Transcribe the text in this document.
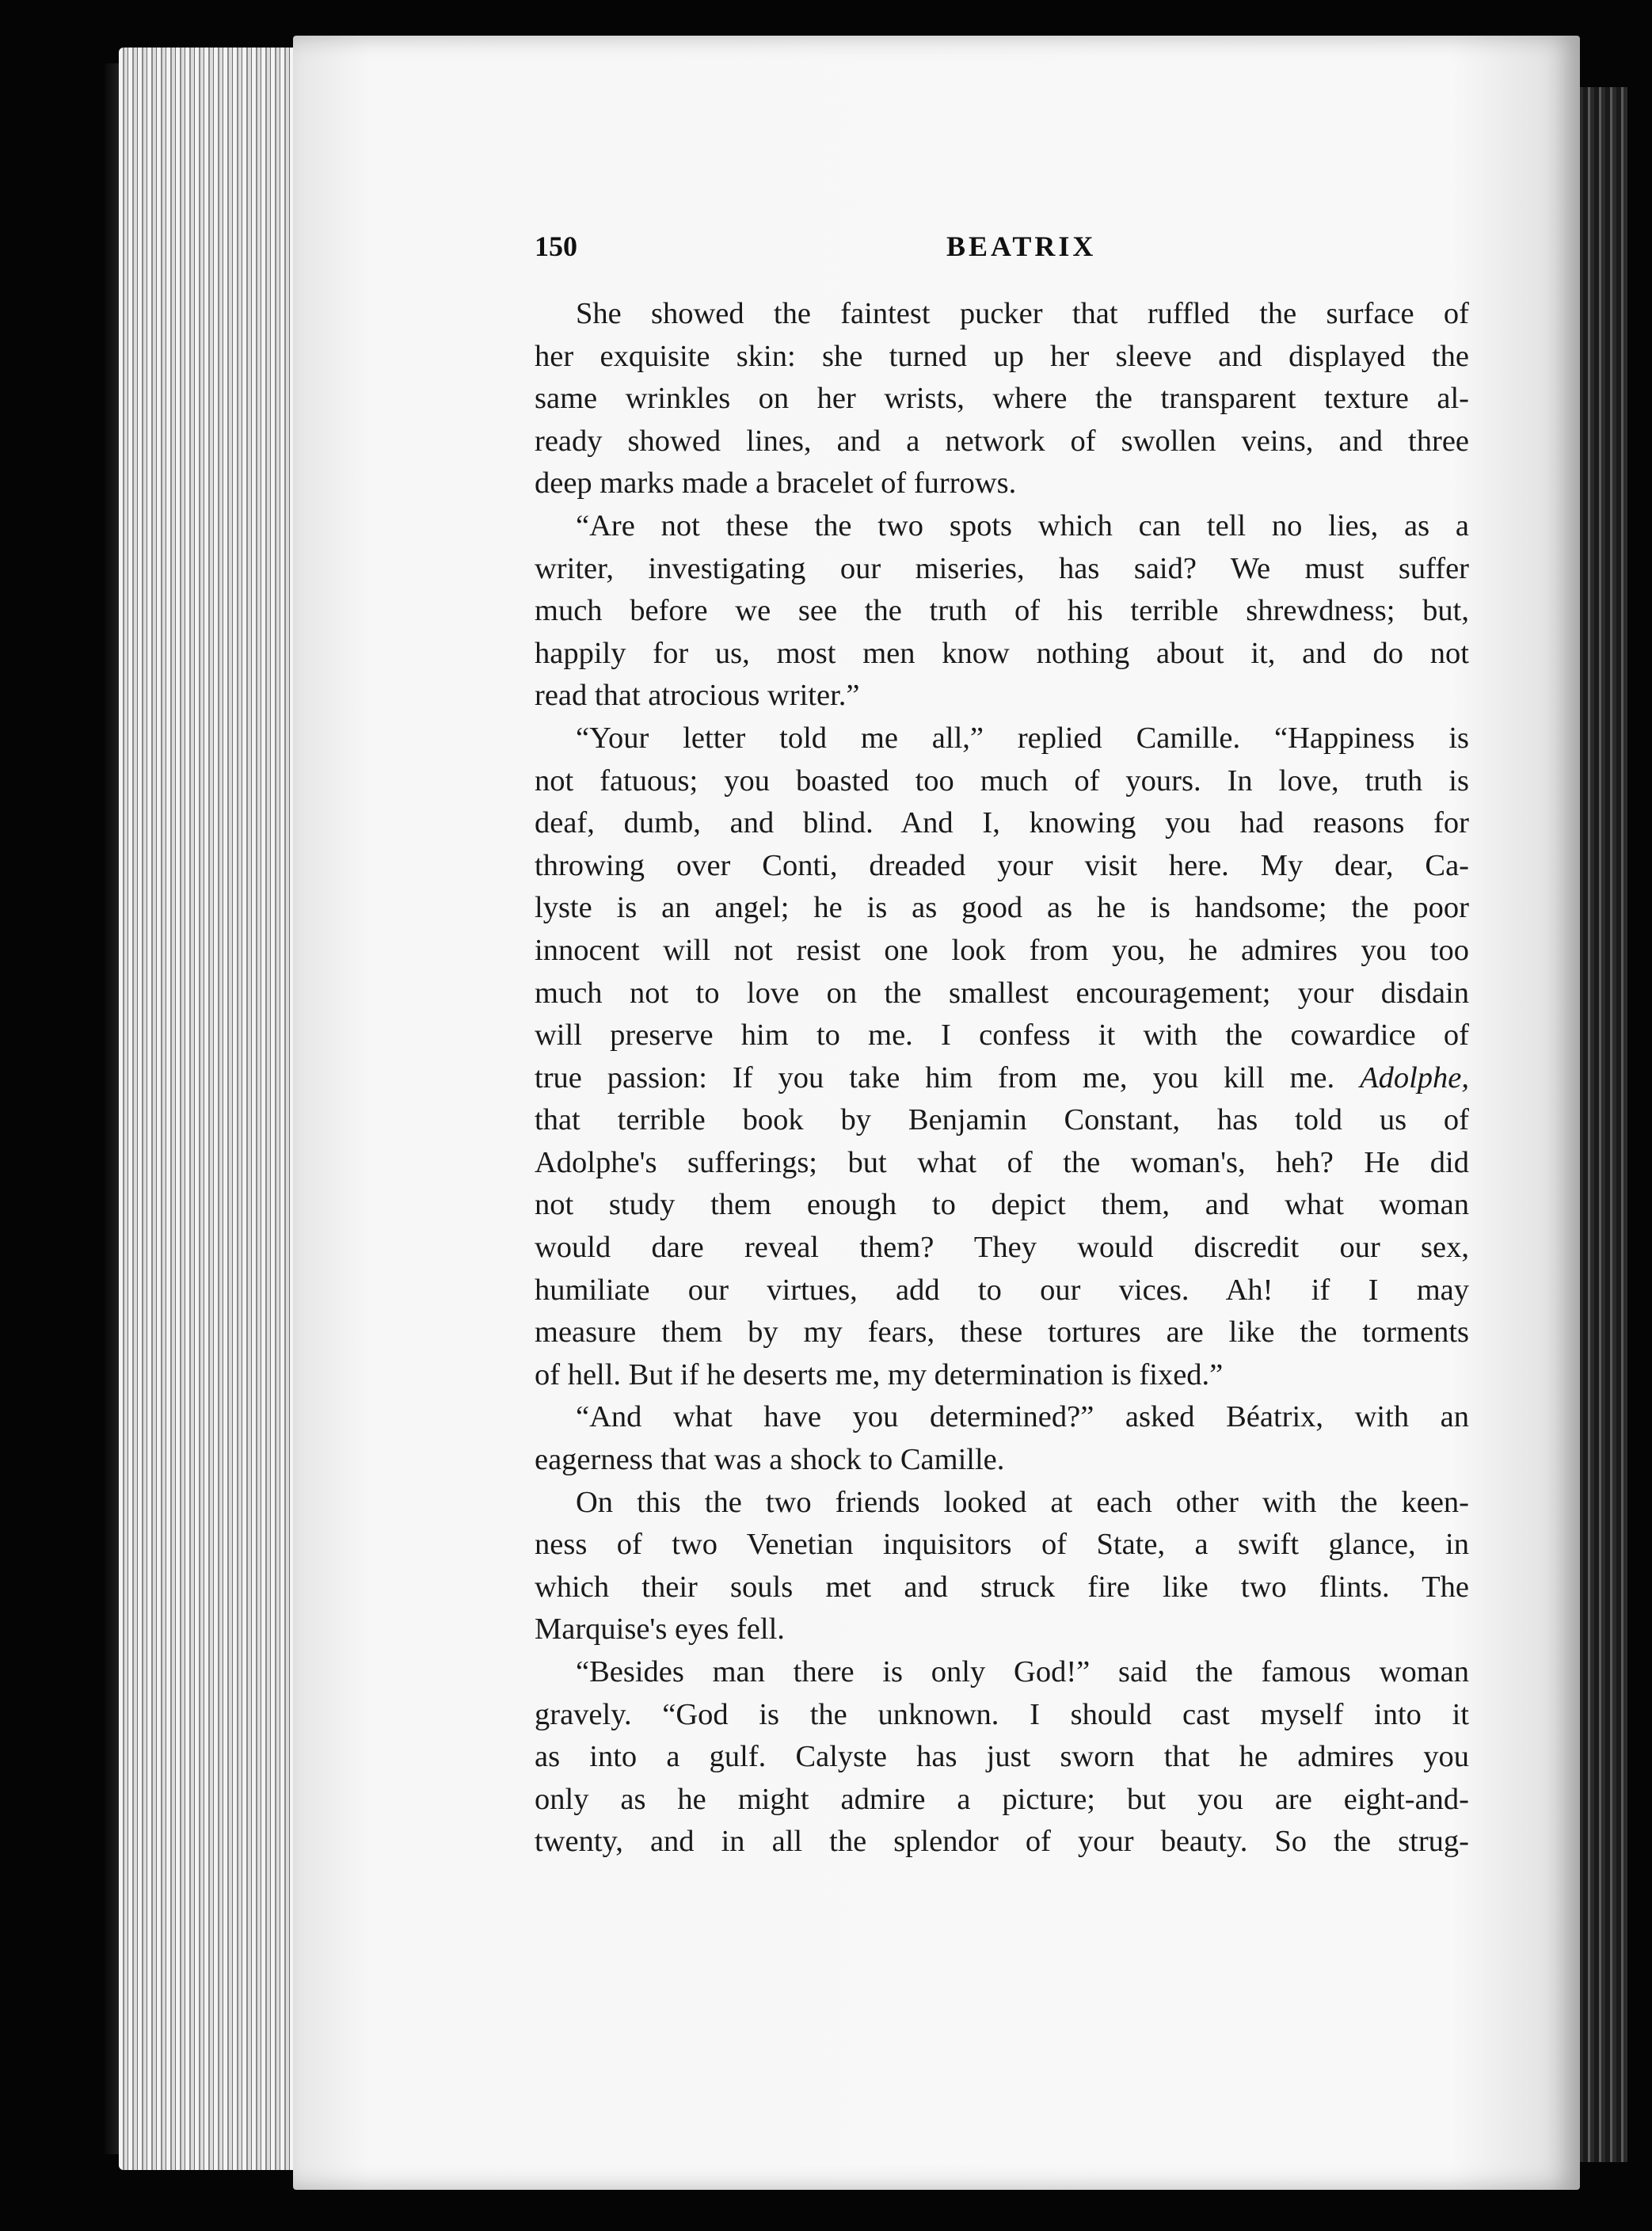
150	BEATRIX
She showed the faintest pucker that ruffled the surface of
her exquisite skin: she turned up her sleeve and displayed the
same wrinkles on her wrists, where the transparent texture al-
ready showed lines, and a network of swollen veins, and three
deep marks made a bracelet of furrows.
“Are not these the two spots which can tell no lies, as a
writer, investigating our miseries, has said? We must suffer
much before we see the truth of his terrible shrewdness; but,
happily for us, most men know nothing about it, and do not
read that atrocious writer.”
“Your letter told me all,” replied Camille. “Happiness is
not fatuous; you boasted too much of yours. In love, truth is
deaf, dumb, and blind. And I, knowing you had reasons for
throwing over Conti, dreaded your visit here. My dear, Ca-
lyste is an angel; he is as good as he is handsome; the poor
innocent will not resist one look from you, he admires you too
much not to love on the smallest encouragement; your disdain
will preserve him to me. I confess it with the cowardice of
true passion: If you take him from me, you kill me. Adolphe,
that terrible book by Benjamin Constant, has told us of
Adolphe's sufferings; but what of the woman's, heh? He did
not study them enough to depict them, and what woman
would dare reveal them? They would discredit our sex,
humiliate our virtues, add to our vices. Ah! if I may
measure them by my fears, these tortures are like the torments
of hell. But if he deserts me, my determination is fixed.”
“And what have you determined?” asked Béatrix, with an
eagerness that was a shock to Camille.
On this the two friends looked at each other with the keen-
ness of two Venetian inquisitors of State, a swift glance, in
which their souls met and struck fire like two flints. The
Marquise's eyes fell.
“Besides man there is only God!” said the famous woman
gravely. “God is the unknown. I should cast myself into it
as into a gulf. Calyste has just sworn that he admires you
only as he might admire a picture; but you are eight-and-
twenty, and in all the splendor of your beauty. So the strug-
